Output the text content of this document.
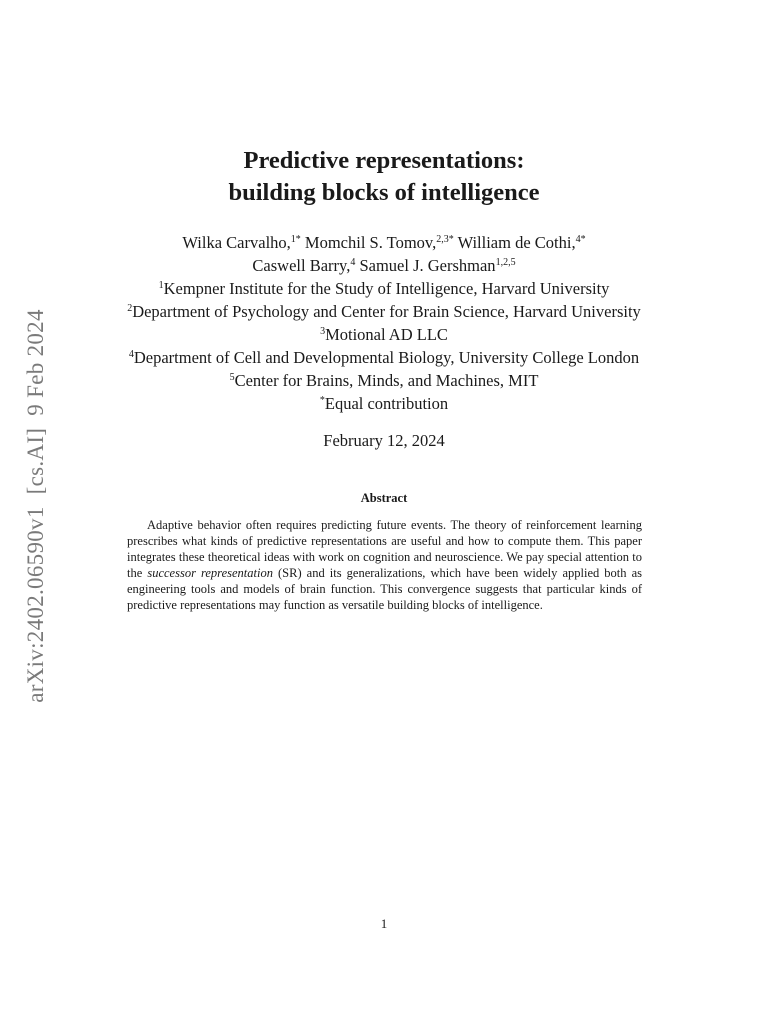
arXiv:2402.06590v1[cs.AI]9 Feb 2024
Predictive representations:
building blocks of intelligence
Wilka Carvalho,$^{1*}$ Momchil S. Tomov,$^{2,3*}$ William de Cothi,$^{4*}$
Caswell Barry,$^4$ Samuel J. Gershman$^{1,2,5}$
$^1$Kempner Institute for the Study of Intelligence, Harvard University
$^2$Department of Psychology and Center for Brain Science, Harvard University
$^3$Motional AD LLC
$^4$Department of Cell and Developmental Biology, University College London
$^5$Center for Brains, Minds, and Machines, MIT
*Equal contribution
February 12, 2024
Abstract
Adaptive behavior often requires predicting future events. The theory of reinforcement learning prescribes what kinds of predictive representations are useful and how to compute them. This paper integrates these theoretical ideas with work on cognition and neuroscience. We pay special attention to the successor representation (SR) and its generalizations, which have been widely applied both as engineering tools and models of brain function. This convergence suggests that particular kinds of predictive representations may function as versatile building blocks of intelligence.
1
